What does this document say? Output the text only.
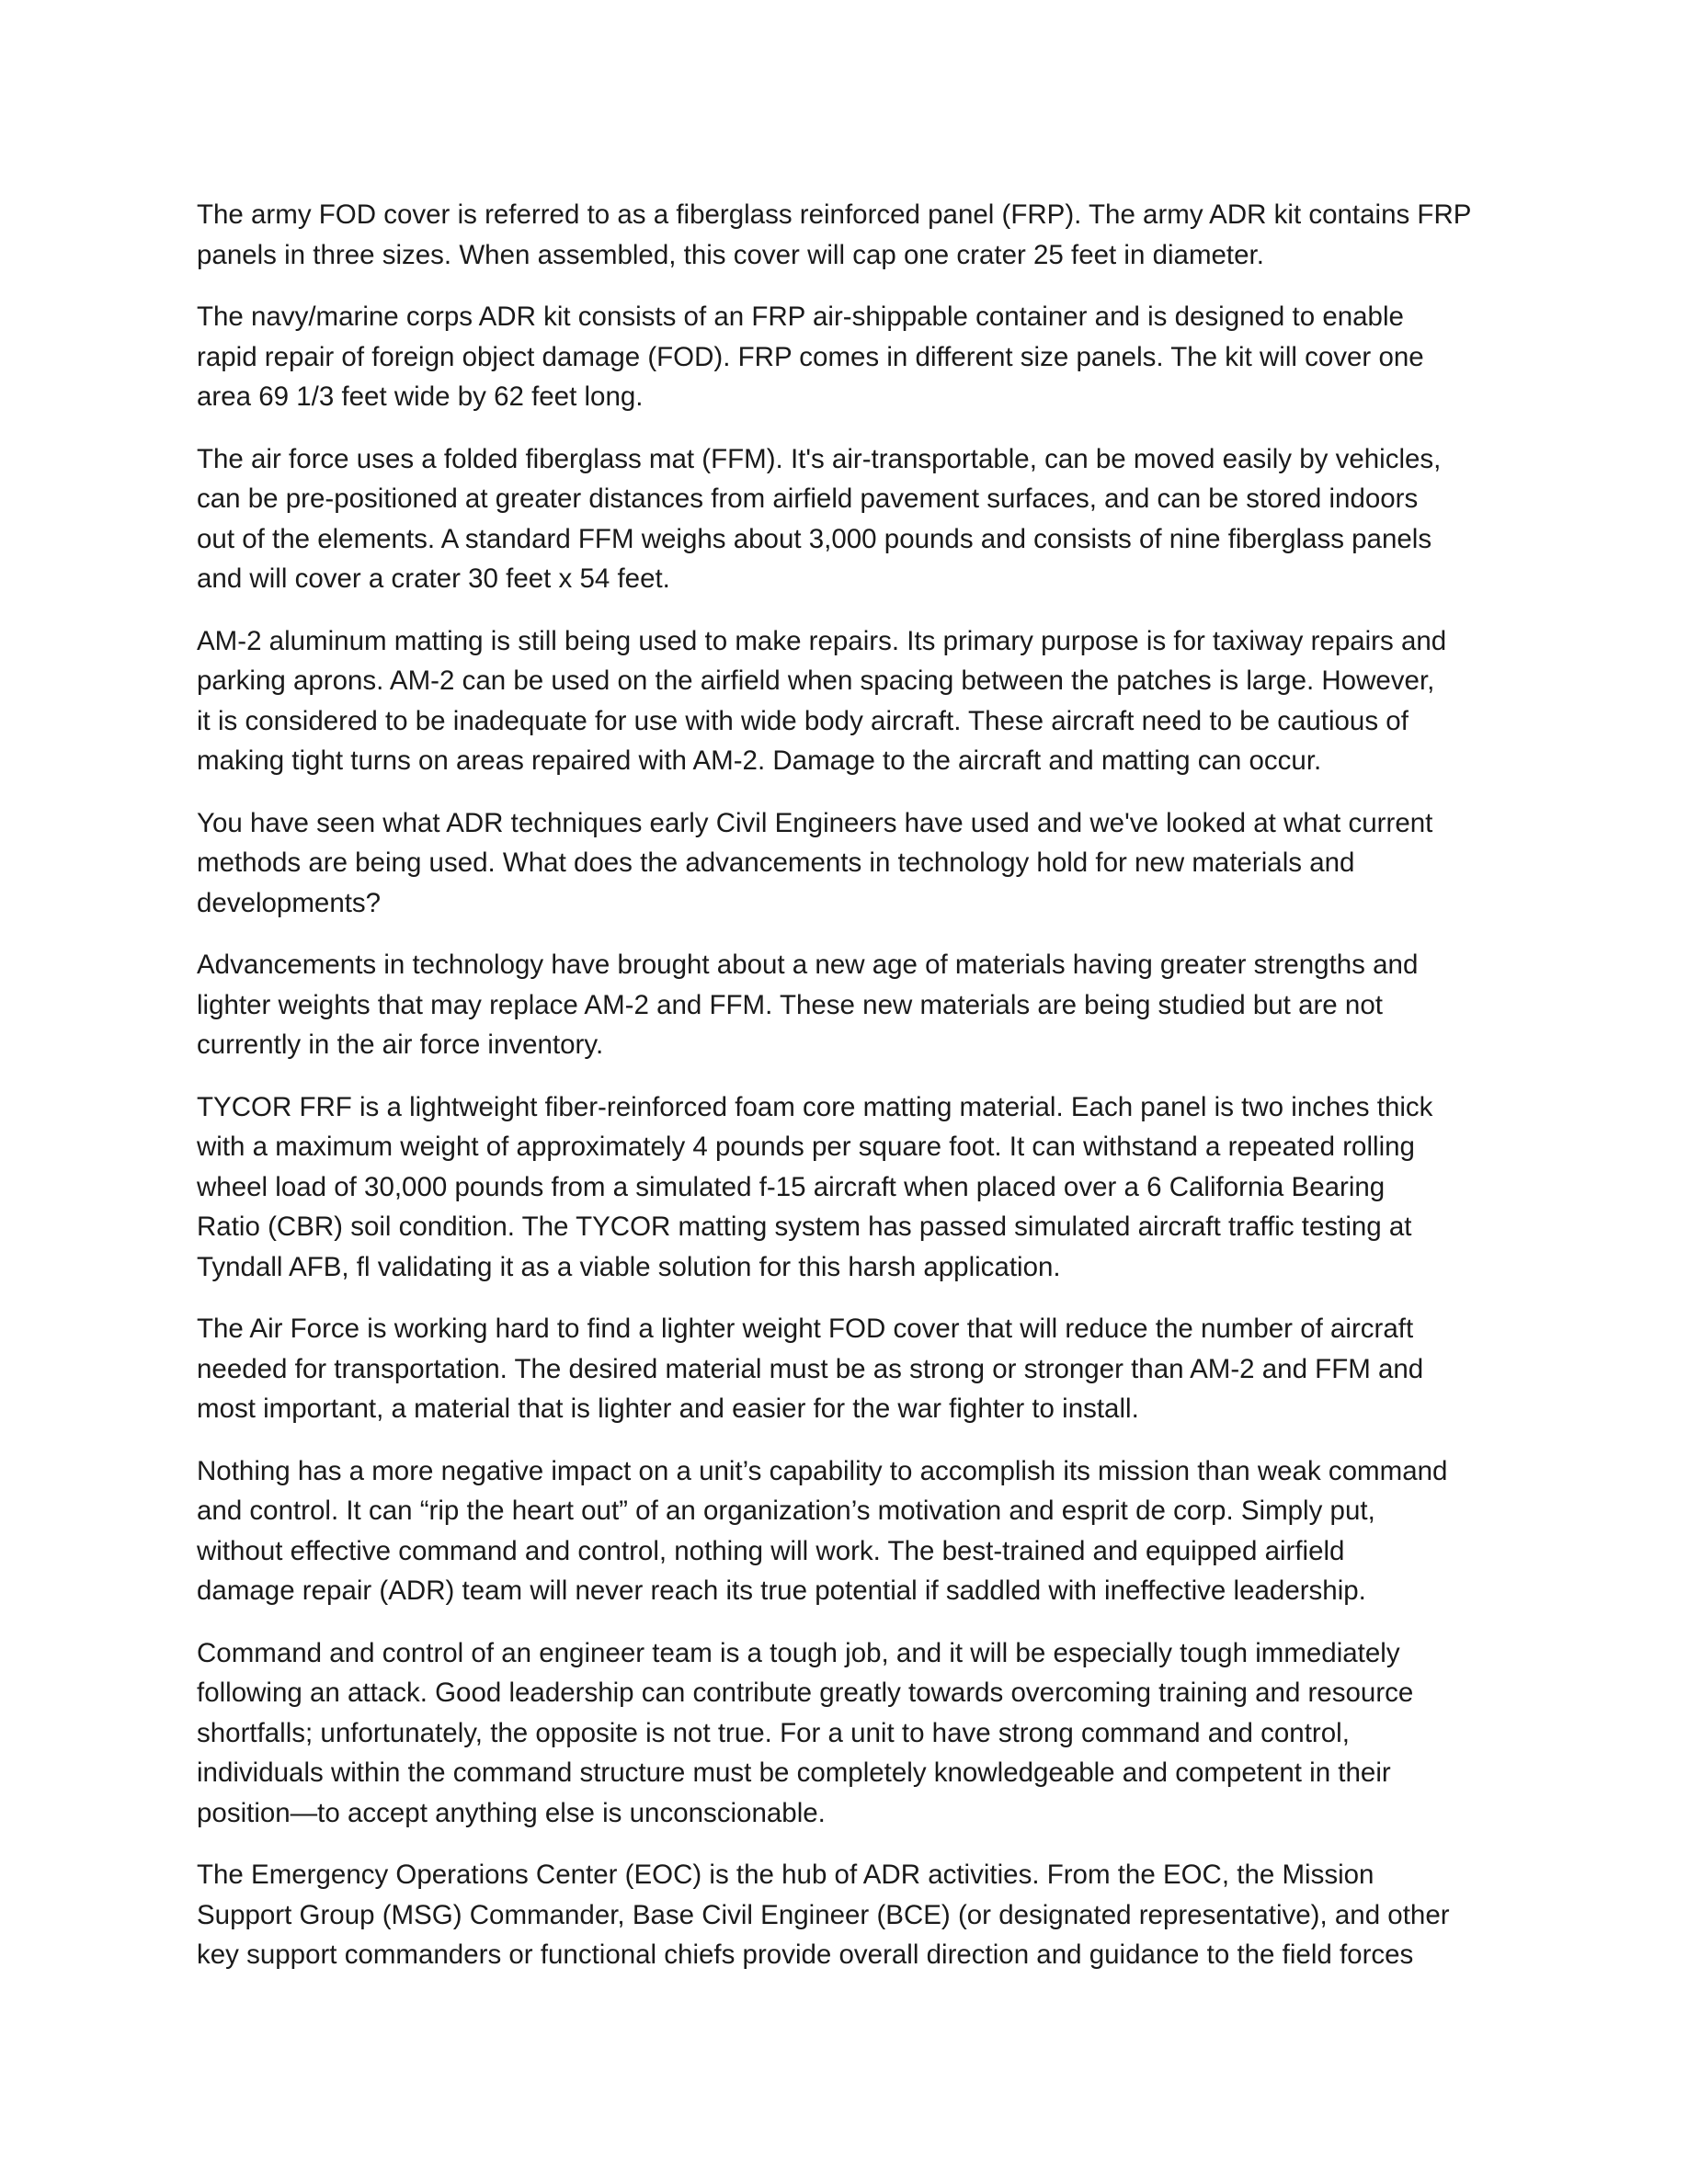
The army FOD cover is referred to as a fiberglass reinforced panel (FRP). The army ADR kit contains FRP
panels in three sizes. When assembled, this cover will cap one crater 25 feet in diameter.

The navy/marine corps ADR kit consists of an FRP air-shippable container and is designed to enable
rapid repair of foreign object damage (FOD). FRP comes in different size panels. The kit will cover one
area 69 1/3 feet wide by 62 feet long.

The air force uses a folded fiberglass mat (FFM). It's air-transportable, can be moved easily by vehicles,
can be pre-positioned at greater distances from airfield pavement surfaces, and can be stored indoors
out of the elements. A standard FFM weighs about 3,000 pounds and consists of nine fiberglass panels
and will cover a crater 30 feet x 54 feet.

AM-2 aluminum matting is still being used to make repairs. Its primary purpose is for taxiway repairs and
parking aprons. AM-2 can be used on the airfield when spacing between the patches is large. However,
it is considered to be inadequate for use with wide body aircraft. These aircraft need to be cautious of
making tight turns on areas repaired with AM-2. Damage to the aircraft and matting can occur.

You have seen what ADR techniques early Civil Engineers have used and we've looked at what current
methods are being used. What does the advancements in technology hold for new materials and
developments?

Advancements in technology have brought about a new age of materials having greater strengths and
lighter weights that may replace AM-2 and FFM. These new materials are being studied but are not
currently in the air force inventory.

TYCOR FRF is a lightweight fiber-reinforced foam core matting material. Each panel is two inches thick
with a maximum weight of approximately 4 pounds per square foot. It can withstand a repeated rolling
wheel load of 30,000 pounds from a simulated f-15 aircraft when placed over a 6 California Bearing
Ratio (CBR) soil condition. The TYCOR matting system has passed simulated aircraft traffic testing at
Tyndall AFB, fl validating it as a viable solution for this harsh application.

The Air Force is working hard to find a lighter weight FOD cover that will reduce the number of aircraft
needed for transportation. The desired material must be as strong or stronger than AM-2 and FFM and
most important, a material that is lighter and easier for the war fighter to install.

Nothing has a more negative impact on a unit’s capability to accomplish its mission than weak command
and control. It can “rip the heart out” of an organization’s motivation and esprit de corp. Simply put,
without effective command and control, nothing will work. The best-trained and equipped airfield
damage repair (ADR) team will never reach its true potential if saddled with ineffective leadership.

Command and control of an engineer team is a tough job, and it will be especially tough immediately
following an attack. Good leadership can contribute greatly towards overcoming training and resource
shortfalls; unfortunately, the opposite is not true. For a unit to have strong command and control,
individuals within the command structure must be completely knowledgeable and competent in their
position—to accept anything else is unconscionable.

The Emergency Operations Center (EOC) is the hub of ADR activities. From the EOC, the Mission
Support Group (MSG) Commander, Base Civil Engineer (BCE) (or designated representative), and other
key support commanders or functional chiefs provide overall direction and guidance to the field forces
